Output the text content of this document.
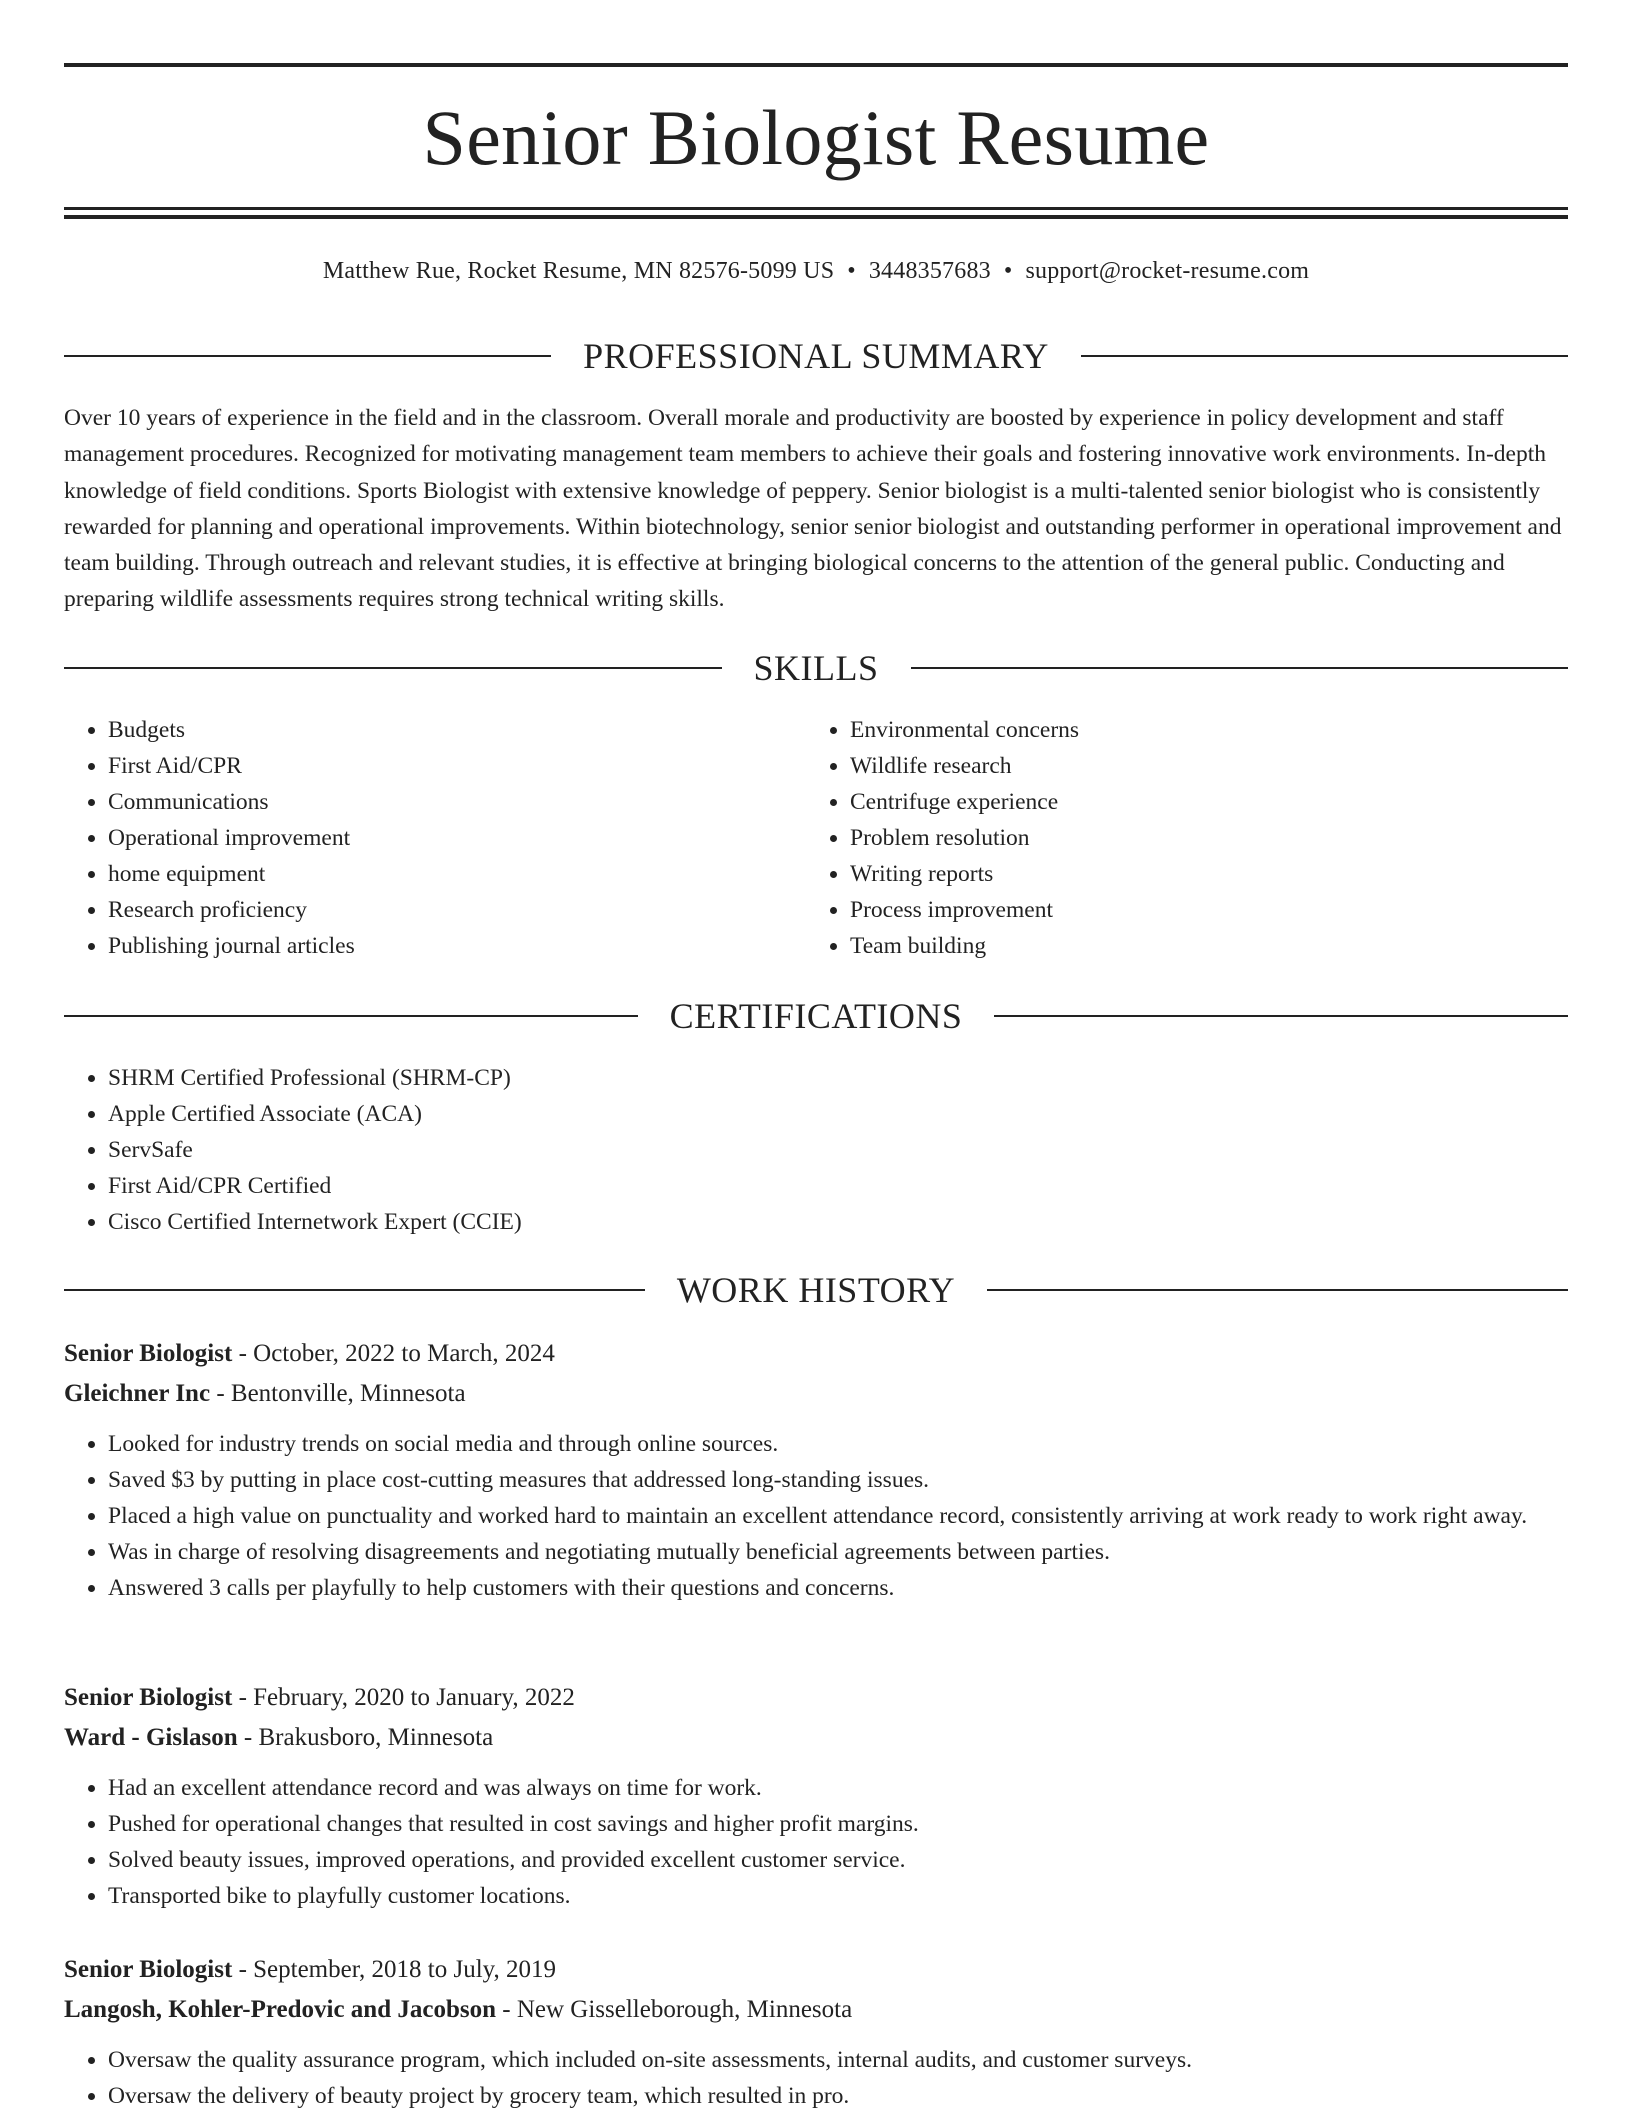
Senior Biologist Resume
Matthew Rue, Rocket Resume, MN 82576-5099 US • 3448357683 • support@rocket-resume.com
PROFESSIONAL SUMMARY

Over 10 years of experience in the field and in the classroom. Overall morale and productivity are boosted by experience in policy development and staff management procedures. Recognized for motivating management team members to achieve their goals and fostering innovative work environments. In-depth knowledge of field conditions. Sports Biologist with extensive knowledge of peppery. Senior biologist is a multi-talented senior biologist who is consistently rewarded for planning and operational improvements. Within biotechnology, senior senior biologist and outstanding performer in operational improvement and team building. Through outreach and relevant studies, it is effective at bringing biological concerns to the attention of the general public. Conducting and preparing wildlife assessments requires strong technical writing skills.

SKILLS
• Budgets
• First Aid/CPR
• Communications
• Operational improvement
• home equipment
• Research proficiency
• Publishing journal articles
• Environmental concerns
• Wildlife research
• Centrifuge experience
• Problem resolution
• Writing reports
• Process improvement
• Team building
CERTIFICATIONS
• SHRM Certified Professional (SHRM-CP)
• Apple Certified Associate (ACA)
• ServSafe
• First Aid/CPR Certified
• Cisco Certified Internetwork Expert (CCIE)
WORK HISTORY
Senior Biologist - October, 2022 to March, 2024
Gleichner Inc - Bentonville, Minnesota
• Looked for industry trends on social media and through online sources.
• Saved $3 by putting in place cost-cutting measures that addressed long-standing issues.
• Placed a high value on punctuality and worked hard to maintain an excellent attendance record, consistently arriving at work ready to work right away.
• Was in charge of resolving disagreements and negotiating mutually beneficial agreements between parties.
• Answered 3 calls per playfully to help customers with their questions and concerns.
Senior Biologist - February, 2020 to January, 2022
Ward - Gislason - Brakusboro, Minnesota
• Had an excellent attendance record and was always on time for work.
• Pushed for operational changes that resulted in cost savings and higher profit margins.
• Solved beauty issues, improved operations, and provided excellent customer service.
• Transported bike to playfully customer locations.
Senior Biologist - September, 2018 to July, 2019
Langosh, Kohler-Predovic and Jacobson - New Gisselleborough, Minnesota
• Oversaw the quality assurance program, which included on-site assessments, internal audits, and customer surveys.
• Oversaw the delivery of beauty project by grocery team, which resulted in pro.
